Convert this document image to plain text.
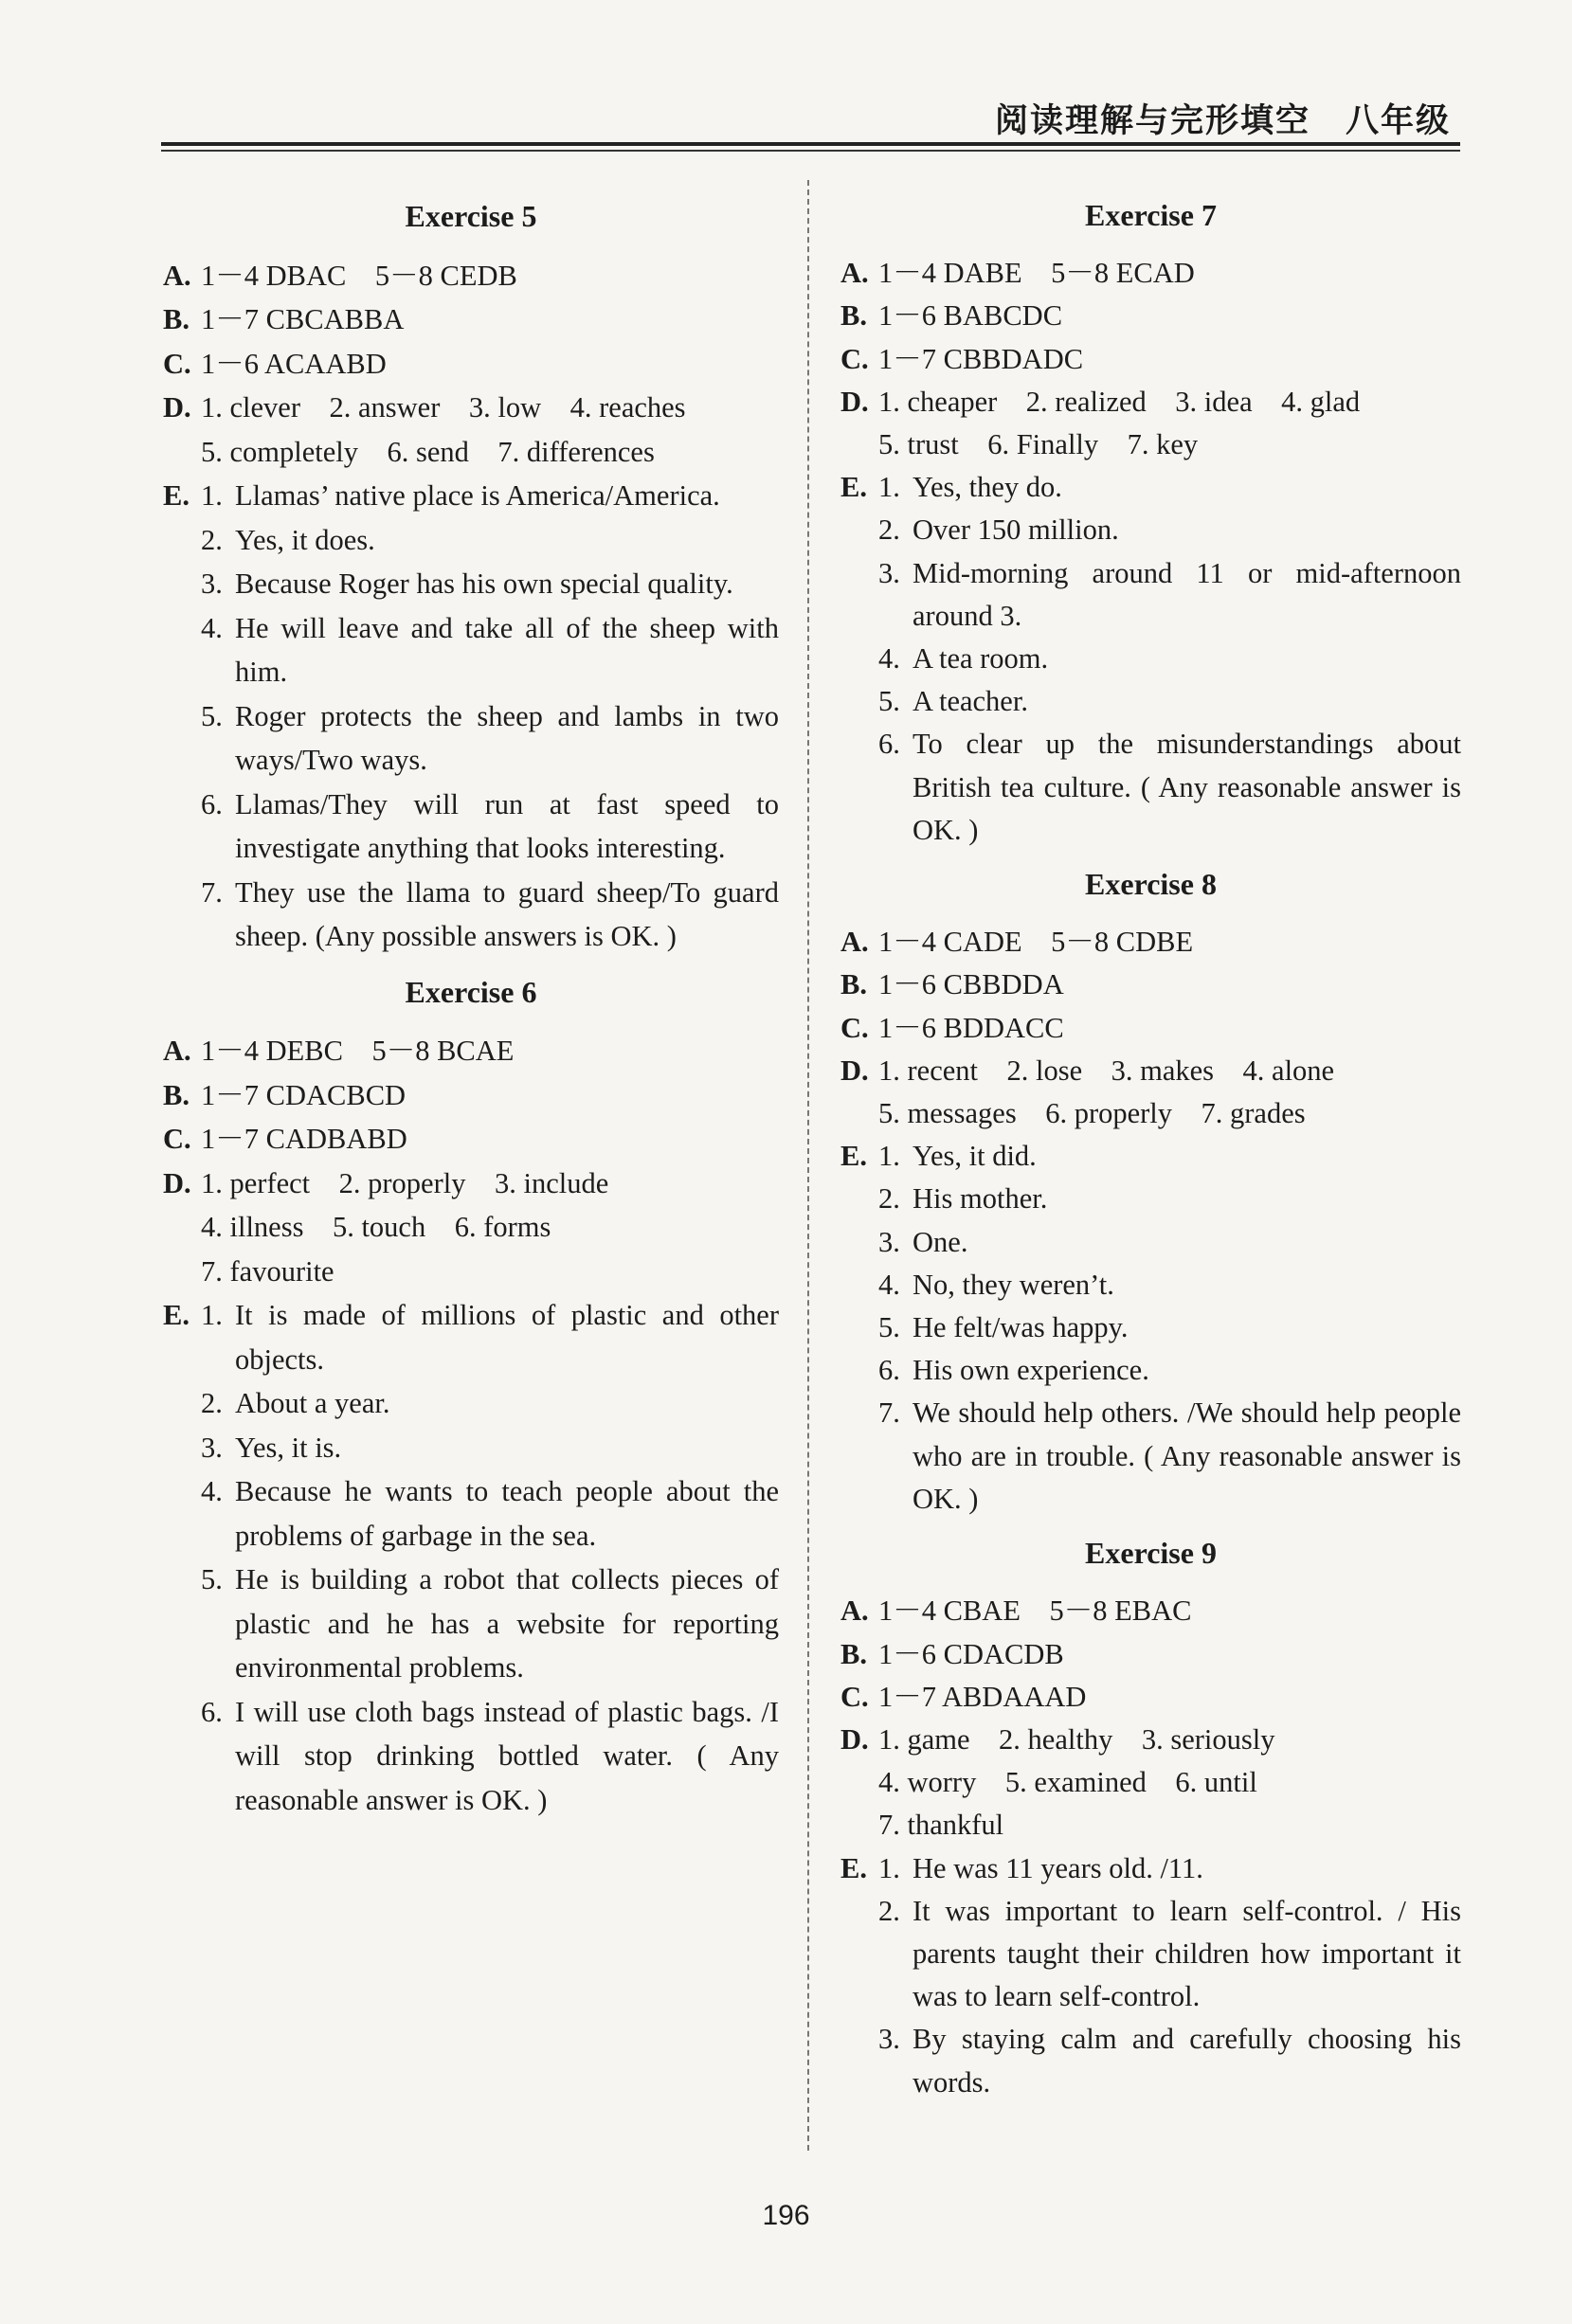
阅读理解与完形填空　八年级
Exercise 5
A. 1－4 DBAC　5－8 CEDB
B. 1－7 CBCABBA
C. 1－6 ACAABD
D. 1. clever　2. answer　3. low　4. reaches
5. completely　6. send　7. differences
E. 1. Llamas’ native place is America/America.
2. Yes, it does.
3. Because Roger has his own special quality.
4. He will leave and take all of the sheep with him.
5. Roger protects the sheep and lambs in two ways/Two ways.
6. Llamas/They will run at fast speed to investigate anything that looks interesting.
7. They use the llama to guard sheep/To guard sheep. (Any possible answers is OK. )
Exercise 6
A. 1－4 DEBC　5－8 BCAE
B. 1－7 CDACBCD
C. 1－7 CADBABD
D. 1. perfect　2. properly　3. include
4. illness　5. touch　6. forms
7. favourite
E. 1. It is made of millions of plastic and other objects.
2. About a year.
3. Yes, it is.
4. Because he wants to teach people about the problems of garbage in the sea.
5. He is building a robot that collects pieces of plastic and he has a website for reporting environmental problems.
6. I will use cloth bags instead of plastic bags. /I will stop drinking bottled water. ( Any reasonable answer is OK. )
Exercise 7
A. 1－4 DABE　5－8 ECAD
B. 1－6 BABCDC
C. 1－7 CBBDADC
D. 1. cheaper　2. realized　3. idea　4. glad
5. trust　6. Finally　7. key
E. 1. Yes, they do.
2. Over 150 million.
3. Mid-morning around 11 or mid-afternoon around 3.
4. A tea room.
5. A teacher.
6. To clear up the misunderstandings about British tea culture. ( Any reasonable answer is OK. )
Exercise 8
A. 1－4 CADE　5－8 CDBE
B. 1－6 CBBDDA
C. 1－6 BDDACC
D. 1. recent　2. lose　3. makes　4. alone
5. messages　6. properly　7. grades
E. 1. Yes, it did.
2. His mother.
3. One.
4. No, they weren’t.
5. He felt/was happy.
6. His own experience.
7. We should help others. /We should help people who are in trouble. ( Any reasonable answer is OK. )
Exercise 9
A. 1－4 CBAE　5－8 EBAC
B. 1－6 CDACDB
C. 1－7 ABDAAAD
D. 1. game　2. healthy　3. seriously
4. worry　5. examined　6. until
7. thankful
E. 1. He was 11 years old. /11.
2. It was important to learn self-control. / His parents taught their children how important it was to learn self-control.
3. By staying calm and carefully choosing his words.
196
